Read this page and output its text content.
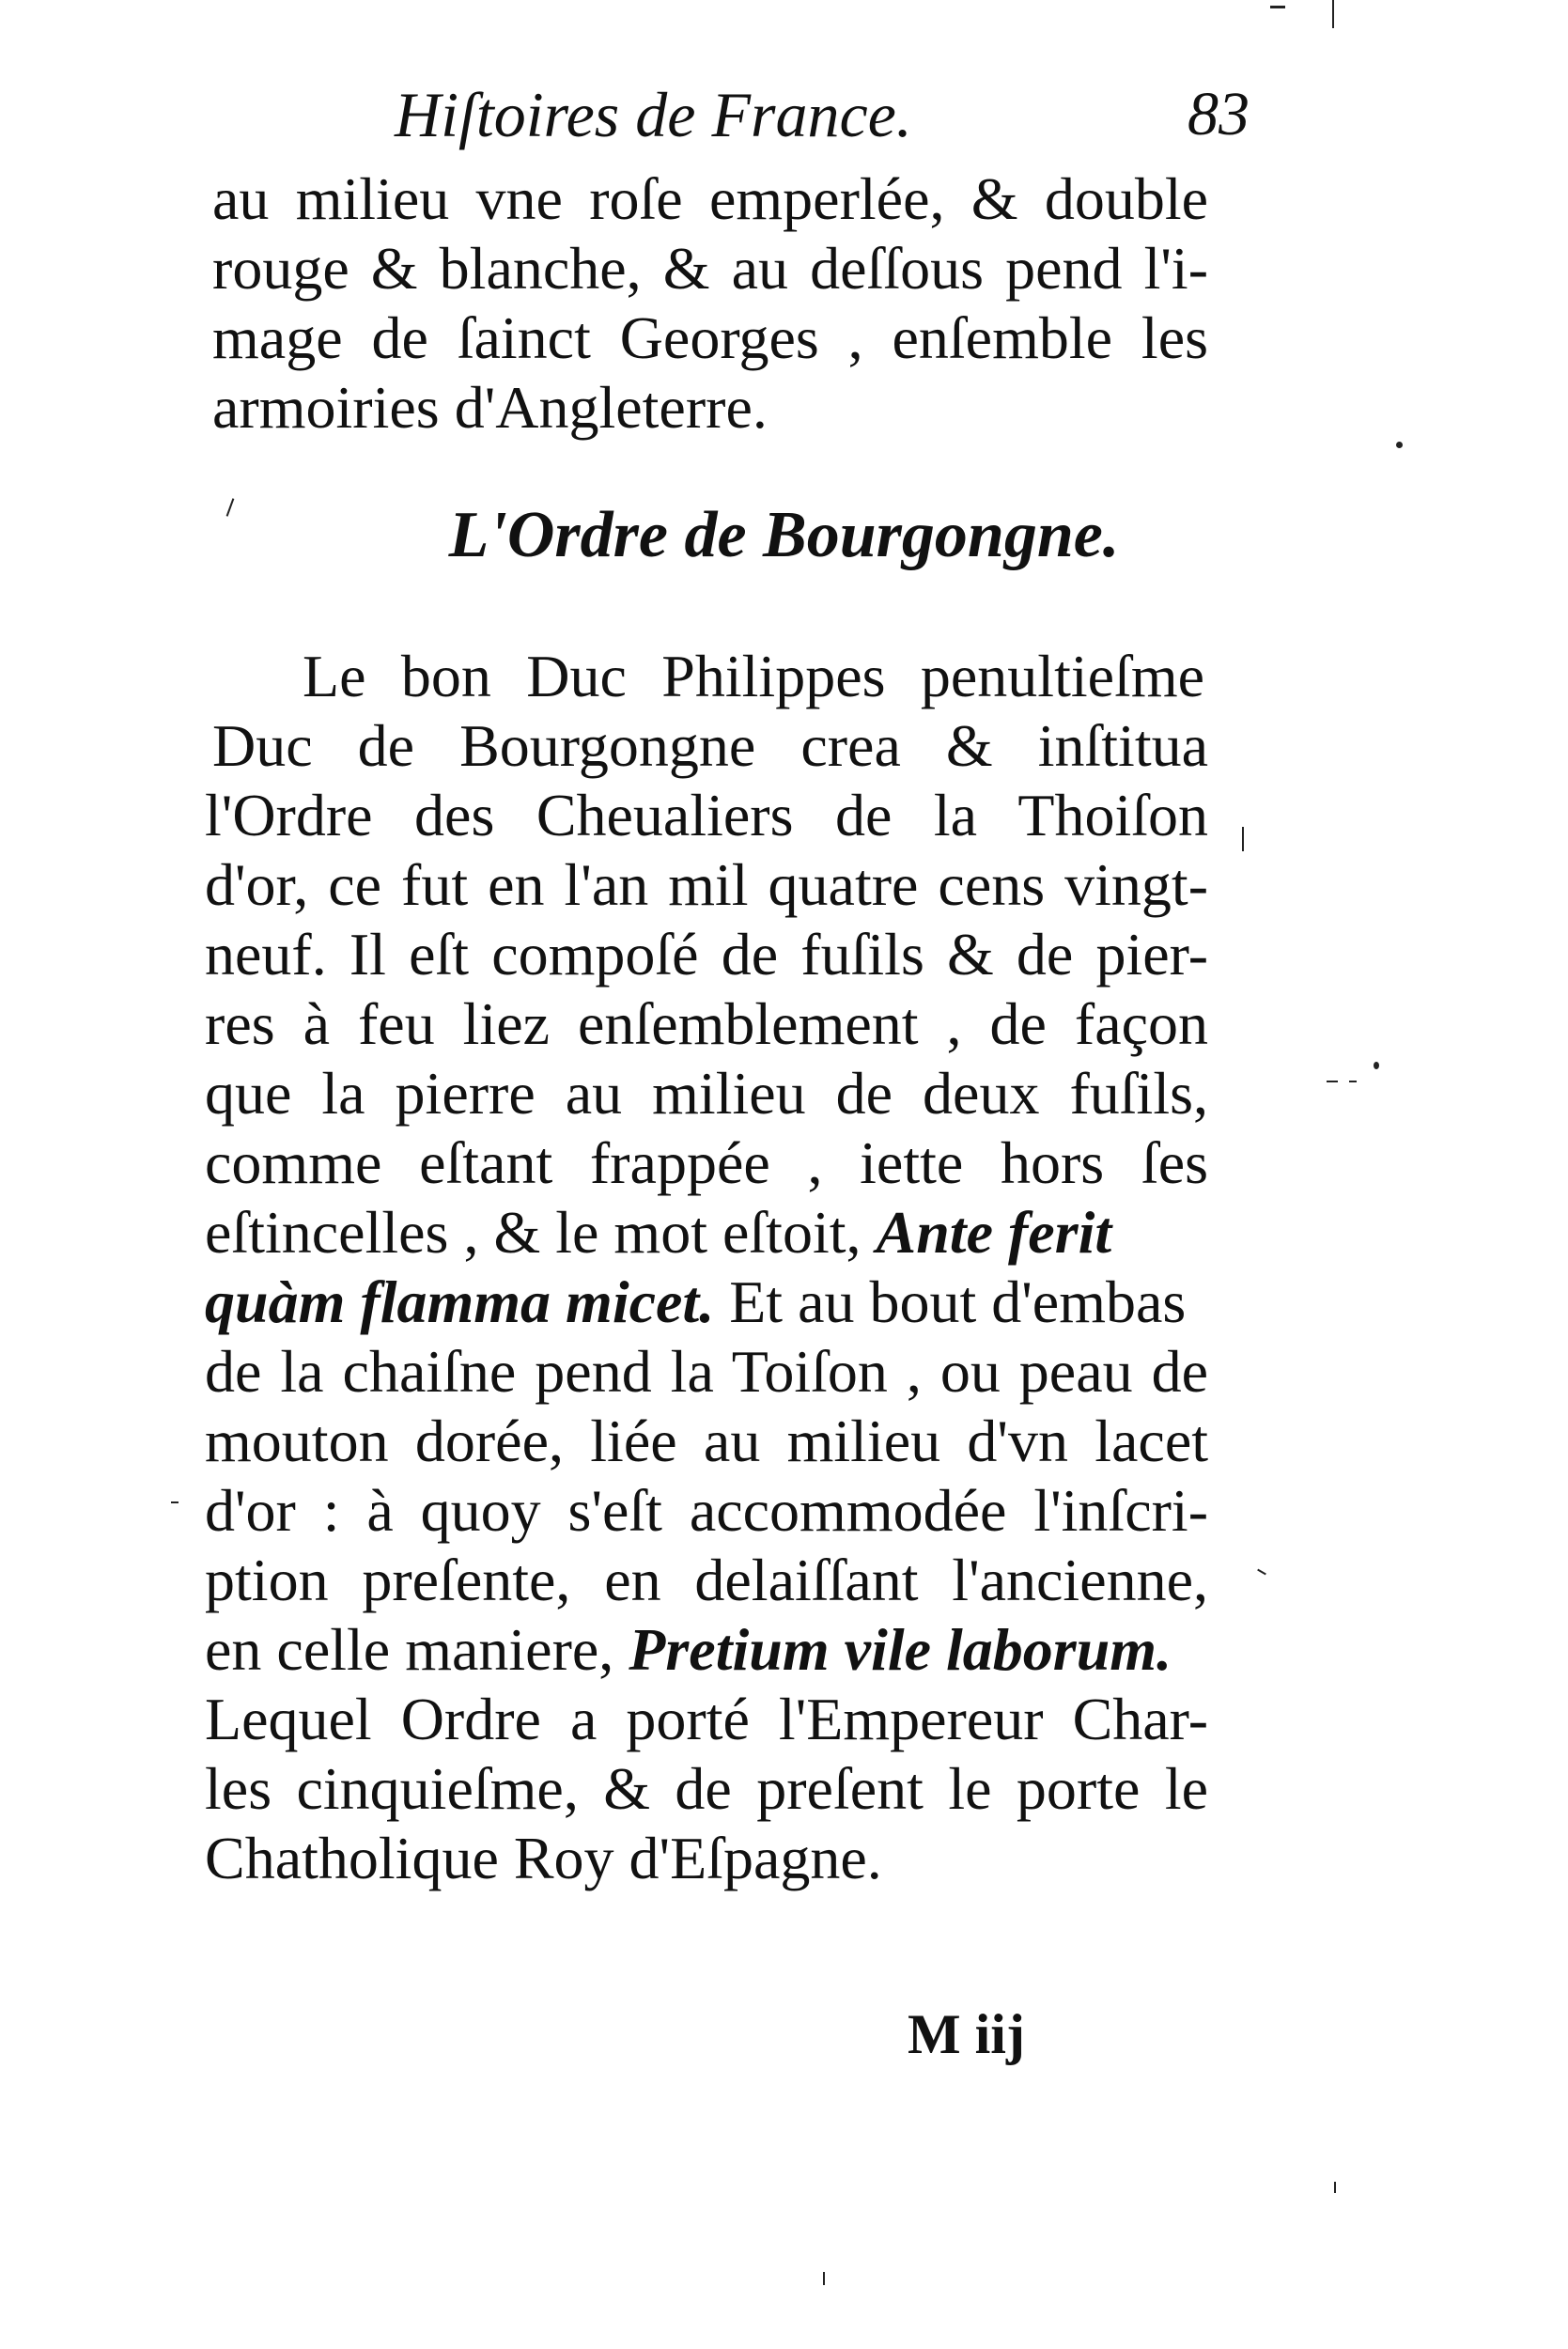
Hiſtoires de France.	83
au milieu vne roſe emperlée, & double
rouge & blanche, & au deſſous pend l'i-
mage de ſainct Georges , enſemble les
armoiries d'Angleterre.
L'Ordre de Bourgongne.
Le bon Duc Philippes penultieſme
Duc de Bourgongne crea & inſtitua
l'Ordre des Cheualiers de la Thoiſon
d'or, ce fut en l'an mil quatre cens vingt-
neuf. Il eſt compoſé de fuſils & de pier-
res à feu liez enſemblement , de façon
que la pierre au milieu de deux fuſils,
comme eſtant frappée , iette hors ſes
eſtincelles , & le mot eſtoit, Ante ferit
quàm flamma micet. Et au bout d'embas
de la chaiſne pend la Toiſon , ou peau de
mouton dorée, liée au milieu d'vn lacet
d'or : à quoy s'eſt accommodée l'inſcri-
ption preſente, en delaiſſant l'ancienne,
en celle maniere, Pretium vile laborum.
Lequel Ordre a porté l'Empereur Char-
les cinquieſme, & de preſent le porte le
Chatholique Roy d'Eſpagne.
M iij
